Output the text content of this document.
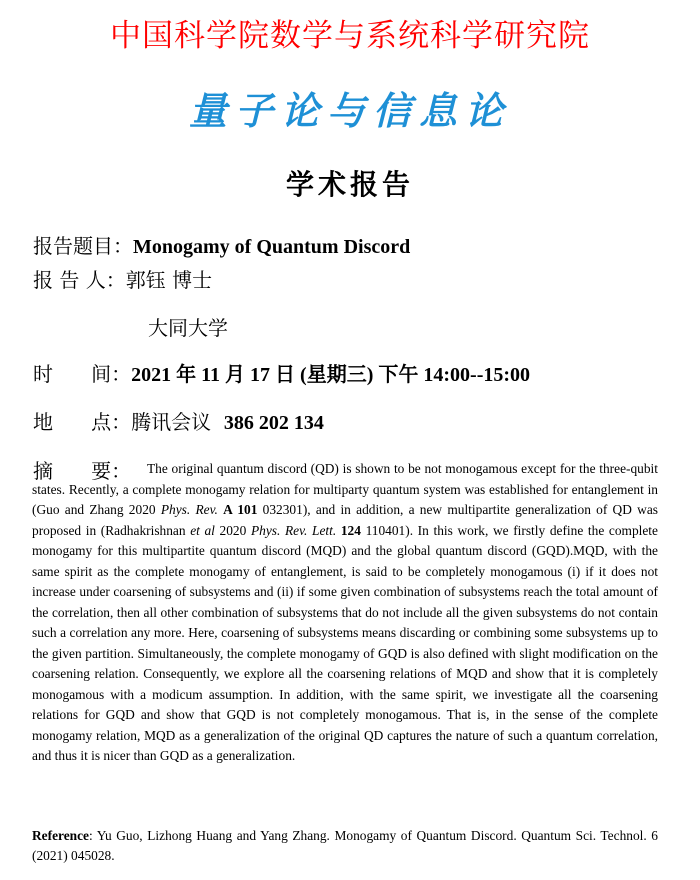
中国科学院数学与系统科学研究院
量子论与信息论
学术报告
报告题目：Monogamy of Quantum Discord
报 告 人：郭钰 博士
大同大学
时      间：2021 年 11 月 17 日 (星期三) 下午 14:00--15:00
地      点：腾讯会议 386 202 134
摘      要：	The original quantum discord (QD) is shown to be not monogamous except for the three-qubit states. Recently, a complete monogamy relation for multiparty quantum system was established for entanglement in (Guo and Zhang 2020 Phys. Rev. A 101 032301), and in addition, a new multipartite generalization of QD was proposed in (Radhakrishnan et al 2020 Phys. Rev. Lett. 124 110401). In this work, we firstly define the complete monogamy for this multipartite quantum discord (MQD) and the global quantum discord (GQD).MQD, with the same spirit as the complete monogamy of entanglement, is said to be completely monogamous (i) if it does not increase under coarsening of subsystems and (ii) if some given combination of subsystems reach the total amount of the correlation, then all other combination of subsystems that do not include all the given subsystems do not contain such a correlation any more. Here, coarsening of subsystems means discarding or combining some subsystems up to the given partition. Simultaneously, the complete monogamy of GQD is also defined with slight modification on the coarsening relation. Consequently, we explore all the coarsening relations of MQD and show that it is completely monogamous with a modicum assumption. In addition, with the same spirit, we investigate all the coarsening relations for GQD and show that GQD is not completely monogamous. That is, in the sense of the complete monogamy relation, MQD as a generalization of the original QD captures the nature of such a quantum correlation, and thus it is nicer than GQD as a generalization.
Reference: Yu Guo, Lizhong Huang and Yang Zhang. Monogamy of Quantum Discord. Quantum Sci. Technol. 6 (2021) 045028.
